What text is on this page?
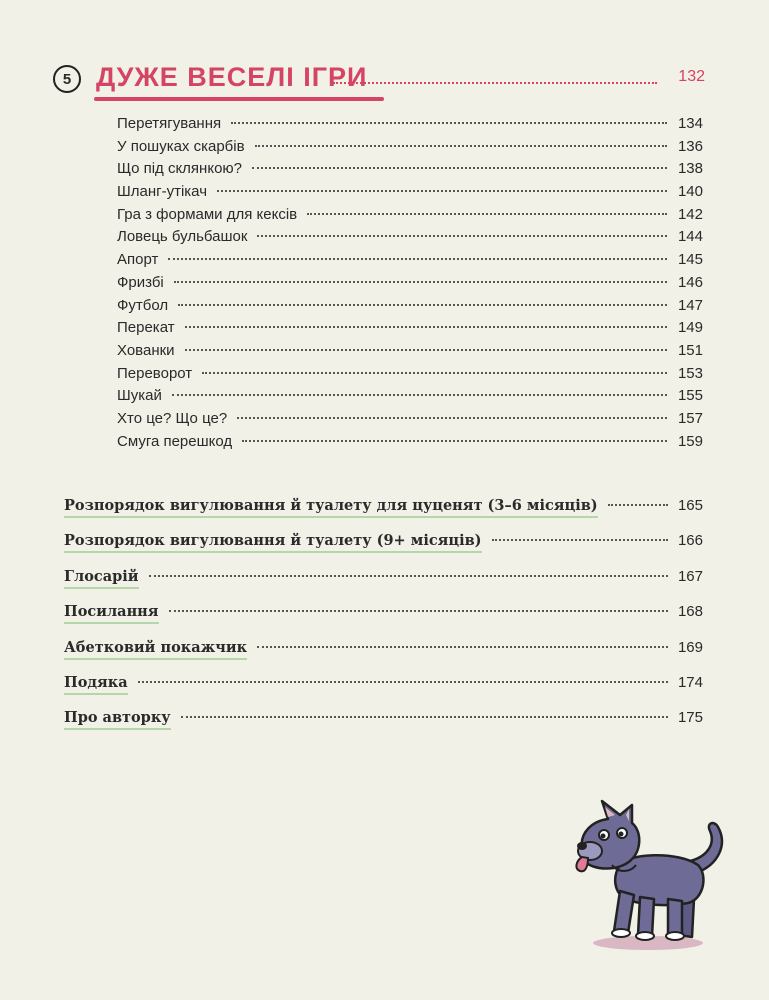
5 ДУЖЕ ВЕСЕЛІ ІГРИ	132
Перетягування	134
У пошуках скарбів	136
Що під склянкою?	138
Шланг-утікач	140
Гра з формами для кексів	142
Ловець бульбашок	144
Апорт	145
Фризбі	146
Футбол	147
Перекат	149
Хованки	151
Переворот	153
Шукай	155
Хто це? Що це?	157
Смуга перешкод	159
Розпорядок вигулювання й туалету для цуценят (3–6 місяців)	165
Розпорядок вигулювання й туалету (9+ місяців)	166
Глосарій	167
Посилання	168
Абетковий покажчик	169
Подяка	174
Про авторку	175
